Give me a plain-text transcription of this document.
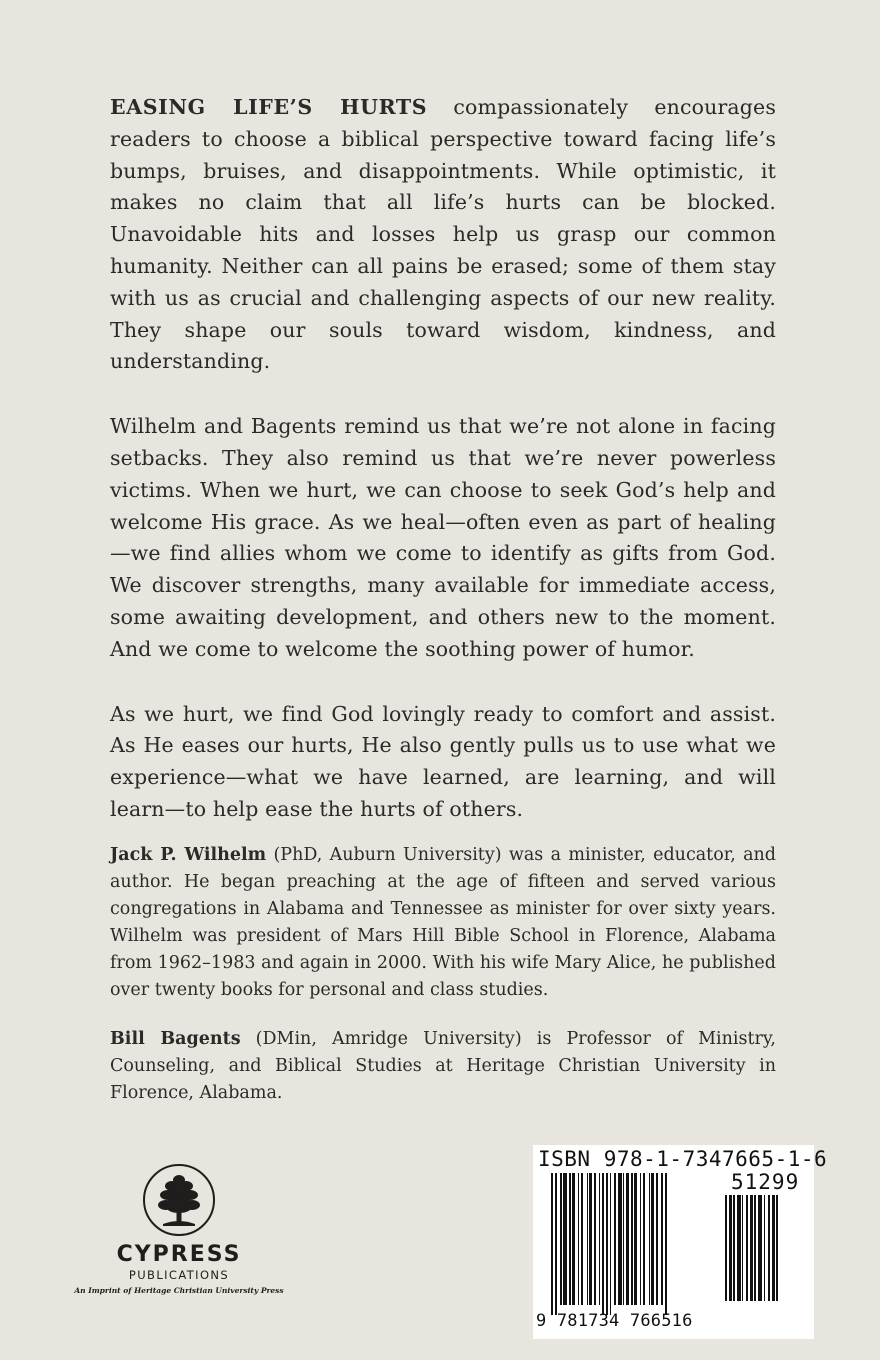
EASING LIFE’S HURTS compassionately encourages readers to choose a biblical perspective toward facing life’s bumps, bruises, and disappointments. While optimistic, it makes no claim that all life’s hurts can be blocked. Unavoidable hits and losses help us grasp our common humanity. Neither can all pains be erased; some of them stay with us as crucial and challenging aspects of our new reality. They shape our souls toward wisdom, kindness, and understanding.

Wilhelm and Bagents remind us that we’re not alone in facing setbacks. They also remind us that we’re never powerless victims. When we hurt, we can choose to seek God’s help and welcome His grace. As we heal—often even as part of healing—we find allies whom we come to identify as gifts from God. We discover strengths, many available for immediate access, some awaiting development, and others new to the moment. And we come to welcome the soothing power of humor.

As we hurt, we find God lovingly ready to comfort and assist. As He eases our hurts, He also gently pulls us to use what we experience—what we have learned, are learning, and will learn—to help ease the hurts of others.

Jack P. Wilhelm (PhD, Auburn University) was a minister, educator, and author. He began preaching at the age of fifteen and served various congregations in Alabama and Tennessee as minister for over sixty years. Wilhelm was president of Mars Hill Bible School in Florence, Alabama from 1962–1983 and again in 2000. With his wife Mary Alice, he published over twenty books for personal and class studies.

Bill Bagents (DMin, Amridge University) is Professor of Ministry, Counseling, and Biblical Studies at Heritage Christian University in Florence, Alabama.

CYPRESS
PUBLICATIONS
An Imprint of Heritage Christian University Press
ISBN 978-1-7347665-1-6
51299
9 781734 766516
